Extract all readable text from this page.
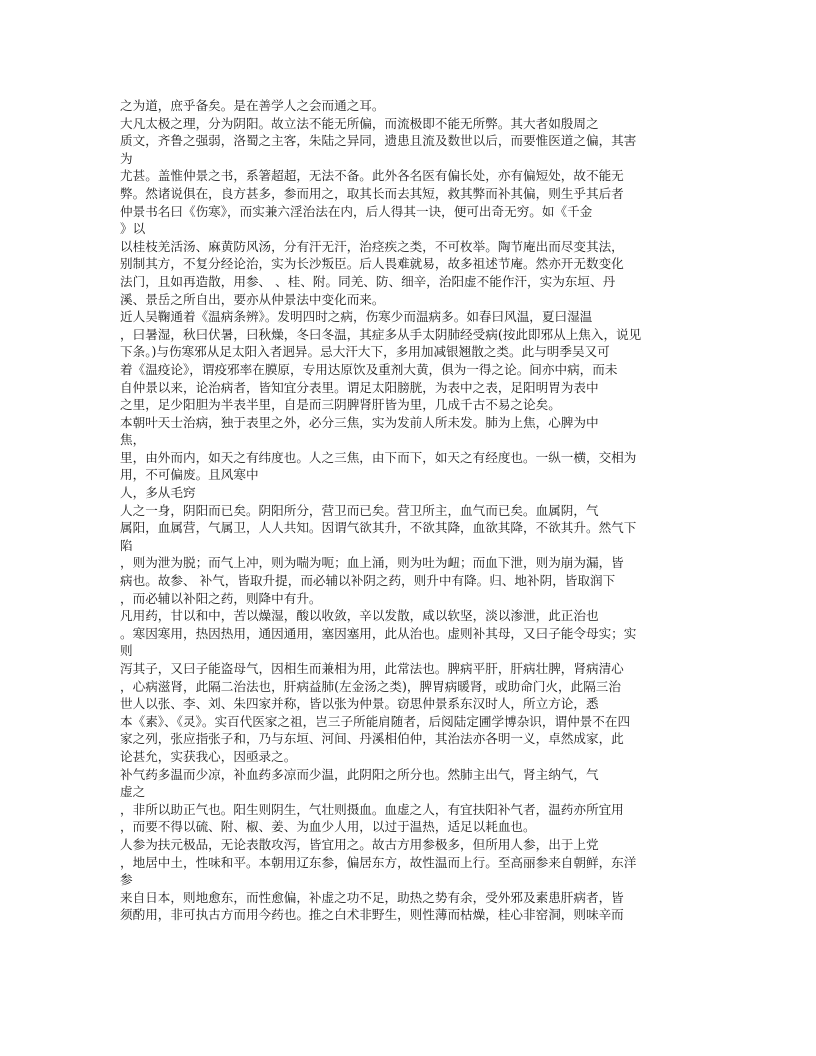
之为道，庶乎备矣。是在善学人之会而通之耳。
大凡太极之理，分为阴阳。故立法不能无所偏，而流极即不能无所弊。其大者如殷周之
质文，齐鲁之强弱，洛蜀之主客，朱陆之异同，遗患且流及数世以后，而要惟医道之偏，其害
为
尤甚。盖惟仲景之书，系箸超超，无法不备。此外各名医有偏长处，亦有偏短处，故不能无
弊。然诸说俱在，良方甚多，参而用之，取其长而去其短，救其弊而补其偏，则生乎其后者
仲景书名曰《伤寒》，而实兼六淫治法在内，后人得其一诀，便可出奇无穷。如《千金
》以
以桂枝羌活汤、麻黄防风汤，分有汗无汗，治痉疾之类，不可枚举。陶节庵出而尽变其法，
别制其方，不复分经论治，实为长沙叛臣。后人畏难就易，故多祖述节庵。然亦开无数变化
法门，且如再造散，用参、 、桂、附。同羌、防、细辛，治阳虚不能作汗，实为东垣、丹
溪、景岳之所自出，要亦从仲景法中变化而来。
近人吴鞠通着《温病条辨》。发明四时之病，伤寒少而温病多。如春曰风温，夏曰湿温
，曰暑湿，秋曰伏暑，曰秋燥，冬曰冬温，其症多从手太阴肺经受病(按此即邪从上焦入，说见
下条。)与伤寒邪从足太阳入者迥异。忌大汗大下，多用加减银翘散之类。此与明季吴又可
着《温疫论》，谓疫邪率在膜原，专用达原饮及重剂大黄，俱为一得之论。间亦中病，而未
自仲景以来，论治病者，皆知宜分表里。谓足太阳膀胱，为表中之表，足阳明胃为表中
之里，足少阳胆为半表半里，自是而三阴脾肾肝皆为里，几成千古不易之论矣。
本朝叶天士治病，独于表里之外，必分三焦，实为发前人所未发。肺为上焦，心脾为中
焦，
里，由外而内，如天之有纬度也。人之三焦，由下而下，如天之有经度也。一纵一横，交相为
用，不可偏废。且风寒中
人，多从毛窍
人之一身，阴阳而已矣。阴阳所分，营卫而已矣。营卫所主，血气而已矣。血属阴，气
属阳，血属营，气属卫，人人共知。因谓气欲其升，不欲其降，血欲其降，不欲其升。然气下
陷
，则为泄为脱；而气上冲，则为喘为呃；血上涌，则为吐为衄；而血下泄，则为崩为漏，皆
病也。故参、 补气，皆取升提，而必辅以补阴之药，则升中有降。归、地补阴，皆取润下
，而必辅以补阳之药，则降中有升。
凡用药，甘以和中，苦以燥湿，酸以收敛，辛以发散，咸以软坚，淡以渗泄，此正治也
。寒因寒用，热因热用，通因通用，塞因塞用，此从治也。虚则补其母，又曰子能令母实；实
则
泻其子，又曰子能盗母气，因相生而兼相为用，此常法也。脾病平肝，肝病壮脾，肾病清心
，心病滋肾，此隔二治法也，肝病益肺(左金汤之类)，脾胃病暖肾，或助命门火，此隔三治
世人以张、李、刘、朱四家并称，皆以张为仲景。窃思仲景系东汉时人，所立方论，悉
本《素》、《灵》。实百代医家之祖，岂三子所能肩随者，后阅陆定圃学博杂识，谓仲景不在四
家之列，张应指张子和，乃与东垣、河间、丹溪相伯仲，其治法亦各明一义，卓然成家，此
论甚允，实获我心，因亟录之。
补气药多温而少凉，补血药多凉而少温，此阴阳之所分也。然肺主出气，肾主纳气，气
虚之
，非所以助正气也。阳生则阴生，气壮则摄血。血虚之人，有宜扶阳补气者，温药亦所宜用
，而要不得以硫、附、椒、姜、为血少人用，以过于温热，适足以耗血也。
人参为扶元极品，无论表散攻泻，皆宜用之。故古方用参极多，但所用人参，出于上党
，地居中土，性味和平。本朝用辽东参，偏居东方，故性温而上行。至高丽参来自朝鲜，东洋
参
来自日本，则地愈东，而性愈偏，补虚之功不足，助热之势有余，受外邪及素患肝病者，皆
须酌用，非可执古方而用今药也。推之白术非野生，则性薄而枯燥，桂心非窑洞，则味辛而
